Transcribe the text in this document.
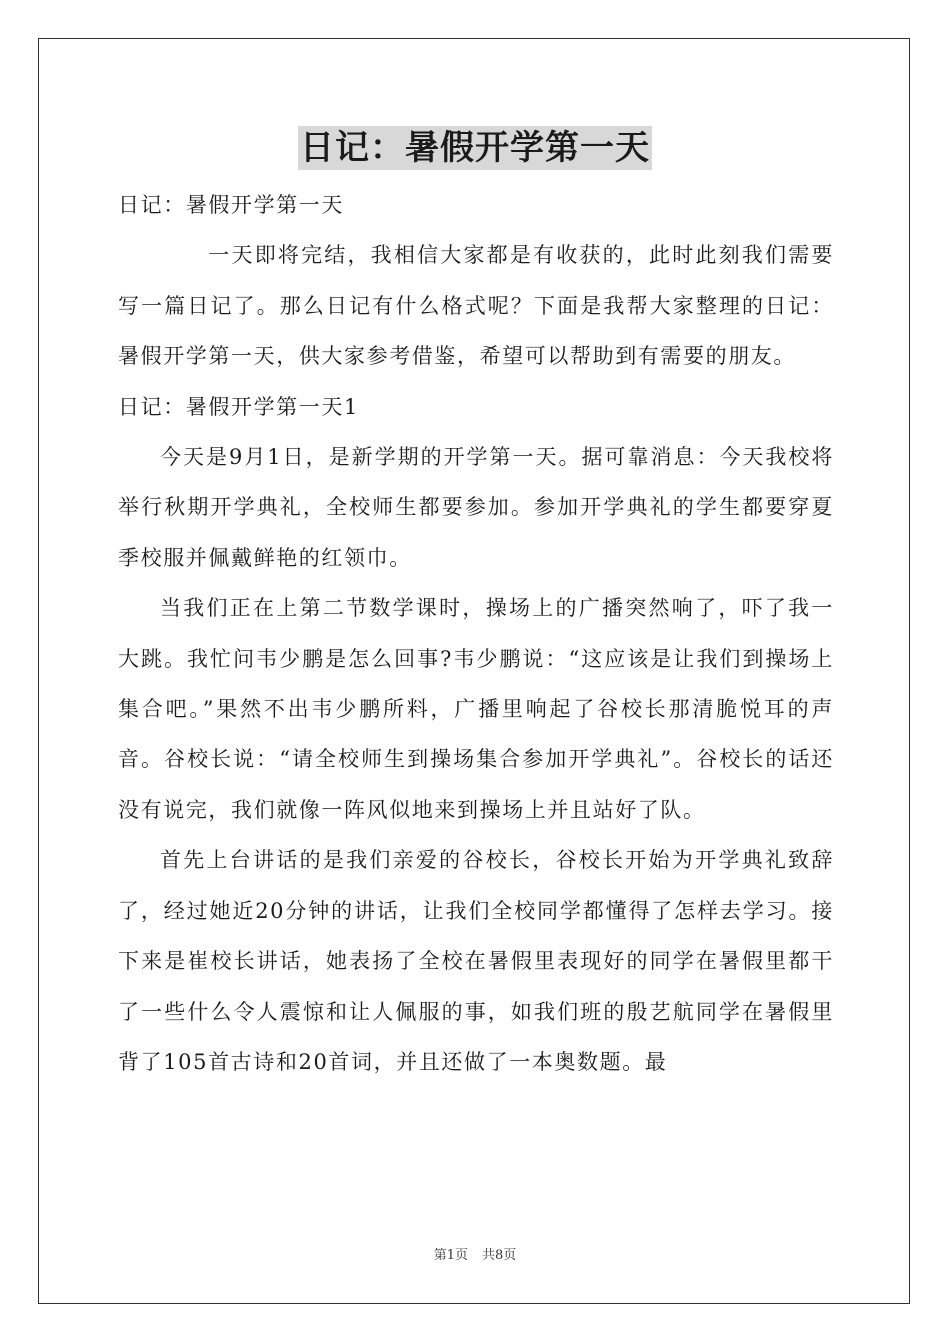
日记：暑假开学第一天

日记：暑假开学第一天

一天即将完结，我相信大家都是有收获的，此时此刻我们需要写一篇日记了。那么日记有什么格式呢？下面是我帮大家整理的日记：暑假开学第一天，供大家参考借鉴，希望可以帮助到有需要的朋友。

日记：暑假开学第一天1

今天是9月1日，是新学期的开学第一天。据可靠消息：今天我校将举行秋期开学典礼，全校师生都要参加。参加开学典礼的学生都要穿夏季校服并佩戴鲜艳的红领巾。

当我们正在上第二节数学课时，操场上的广播突然响了，吓了我一大跳。我忙问韦少鹏是怎么回事?韦少鹏说：“这应该是让我们到操场上集合吧。”果然不出韦少鹏所料，广播里响起了谷校长那清脆悦耳的声音。谷校长说：“请全校师生到操场集合参加开学典礼”。谷校长的话还没有说完，我们就像一阵风似地来到操场上并且站好了队。

首先上台讲话的是我们亲爱的谷校长，谷校长开始为开学典礼致辞了，经过她近20分钟的讲话，让我们全校同学都懂得了怎样去学习。接下来是崔校长讲话，她表扬了全校在暑假里表现好的同学在暑假里都干了一些什么令人震惊和让人佩服的事，如我们班的殷艺航同学在暑假里背了105首古诗和20首词，并且还做了一本奥数题。最

第1页 共8页
